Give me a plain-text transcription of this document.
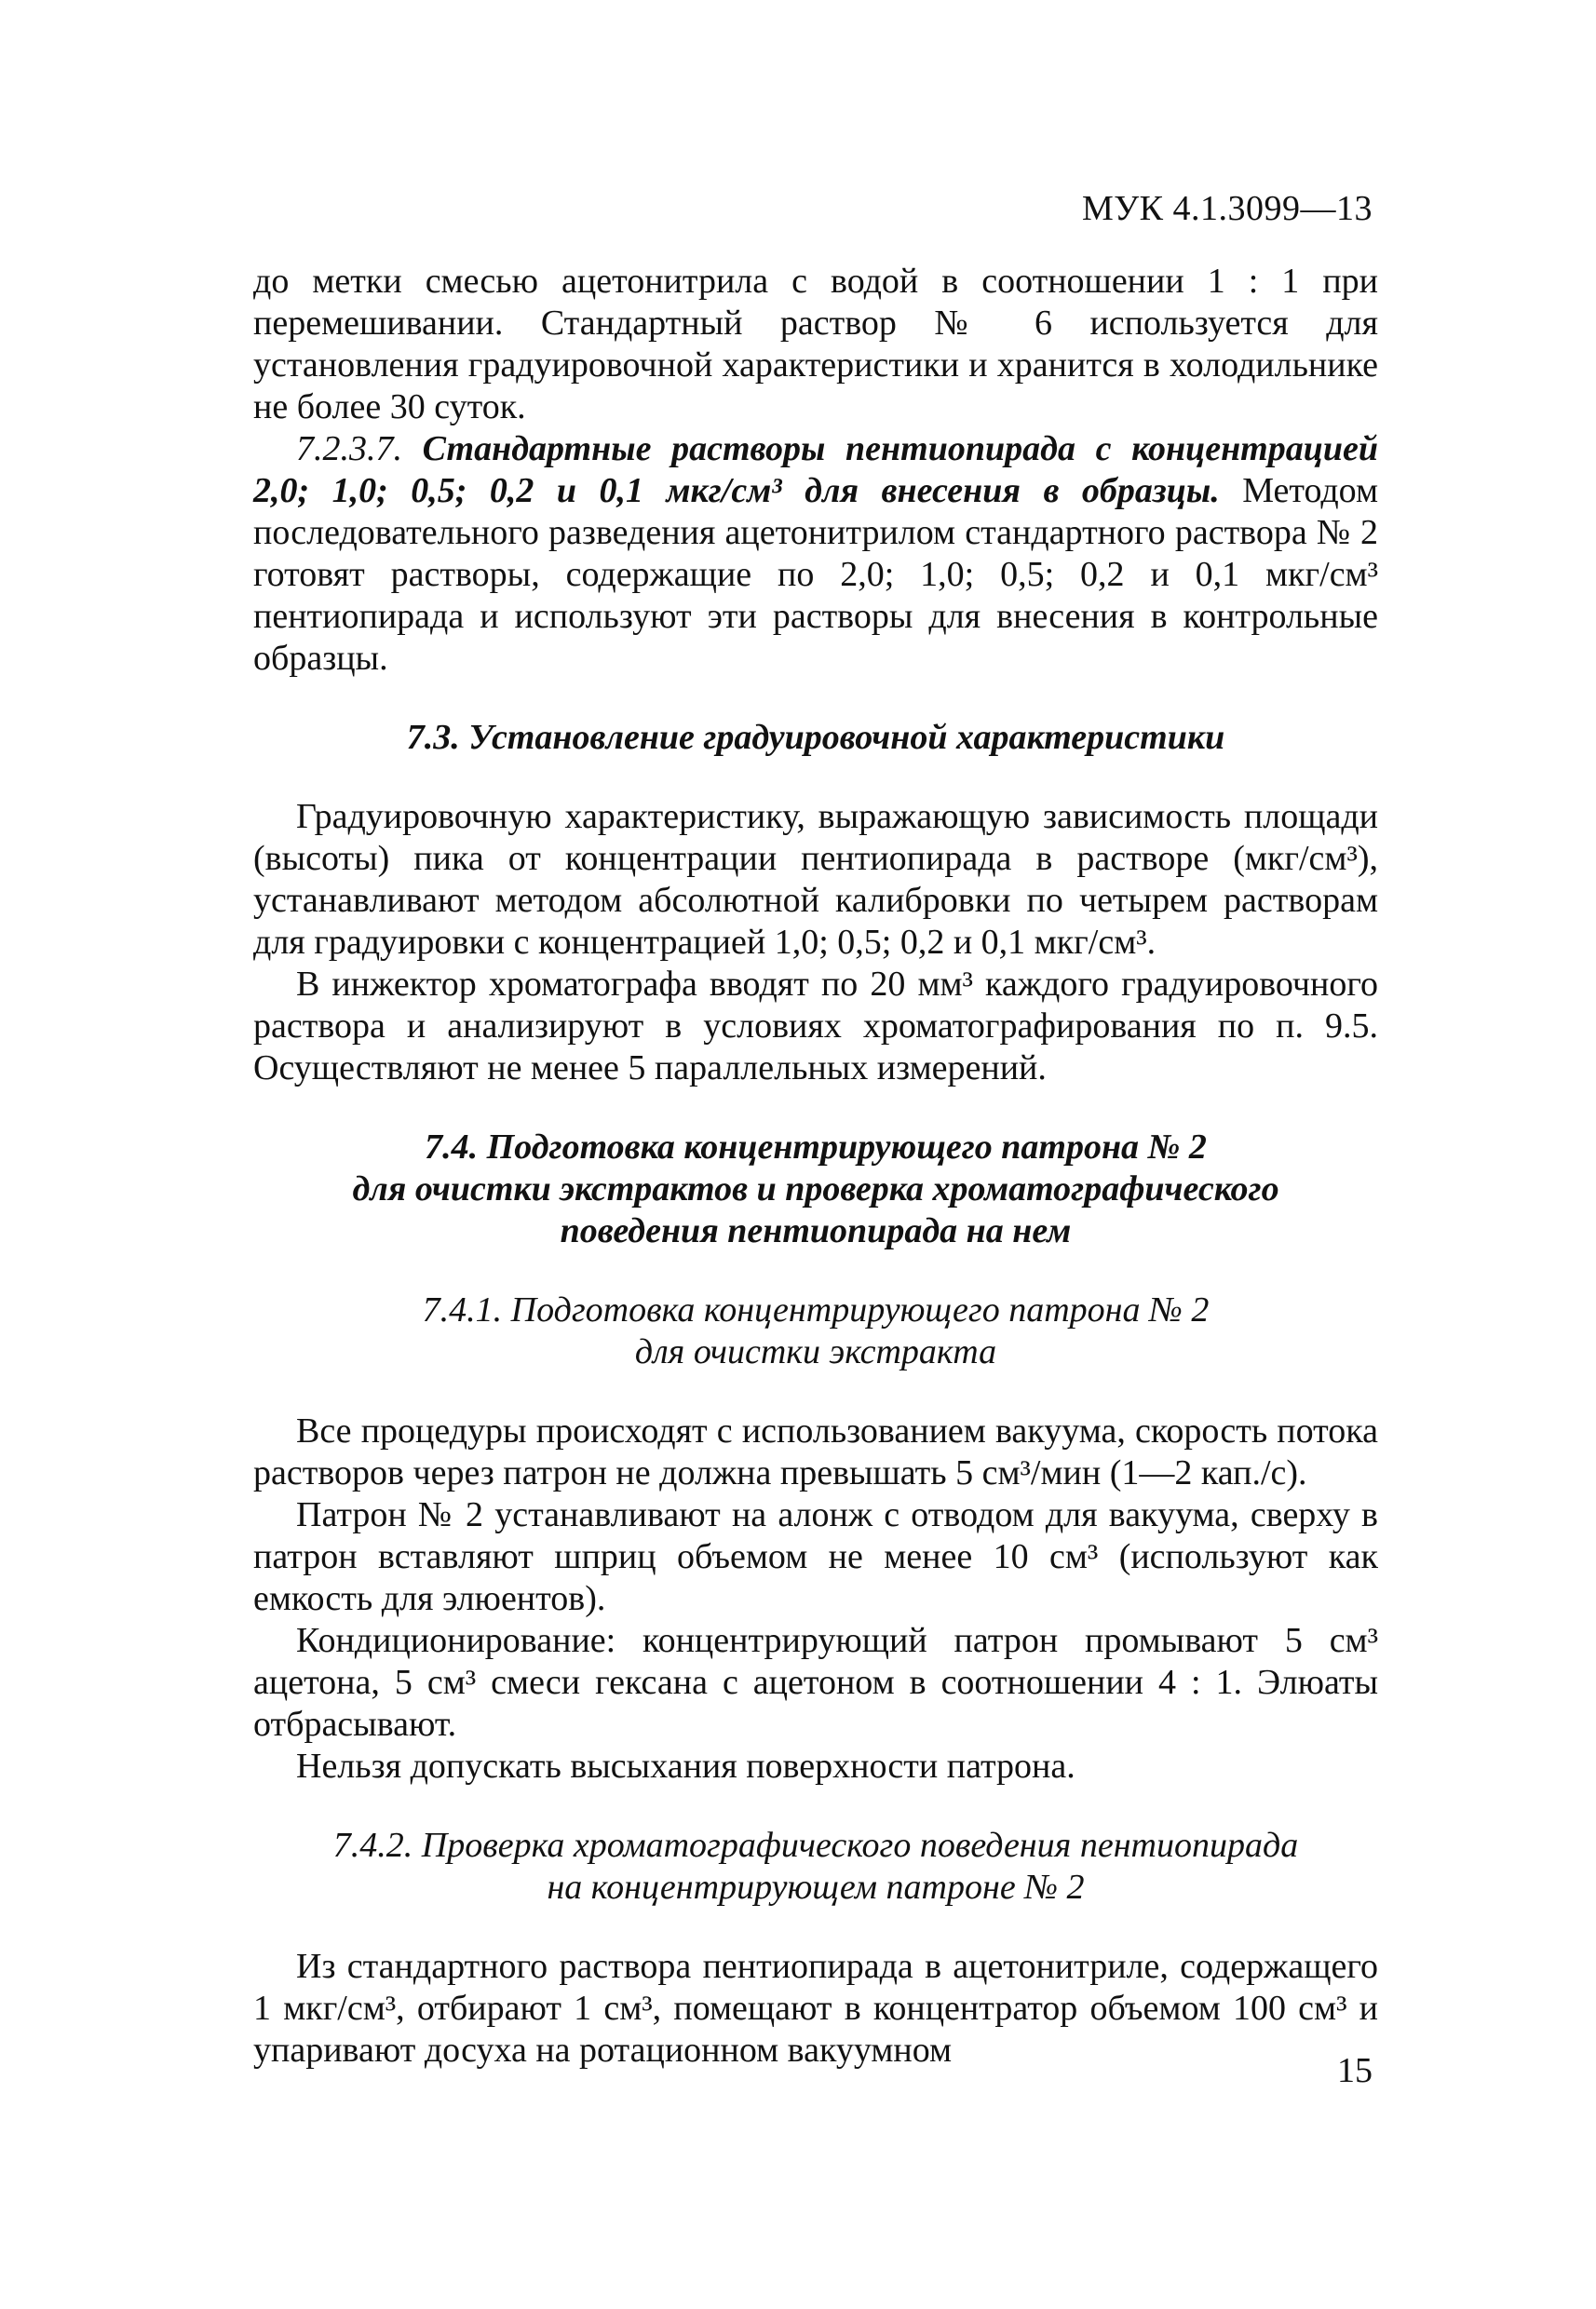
МУК 4.1.3099—13

до метки смесью ацетонитрила с водой в соотношении 1 : 1 при перемешивании. Стандартный раствор № 6 используется для установления градуировочной характеристики и хранится в холодильнике не более 30 суток.

7.2.3.7. Стандартные растворы пентиопирада с концентрацией 2,0; 1,0; 0,5; 0,2 и 0,1 мкг/см³ для внесения в образцы. Методом последовательного разведения ацетонитрилом стандартного раствора № 2 готовят растворы, содержащие по 2,0; 1,0; 0,5; 0,2 и 0,1 мкг/см³ пентиопирада и используют эти растворы для внесения в контрольные образцы.

7.3. Установление градуировочной характеристики

Градуировочную характеристику, выражающую зависимость площади (высоты) пика от концентрации пентиопирада в растворе (мкг/см³), устанавливают методом абсолютной калибровки по четырем растворам для градуировки с концентрацией 1,0; 0,5; 0,2 и 0,1 мкг/см³.

В инжектор хроматографа вводят по 20 мм³ каждого градуировочного раствора и анализируют в условиях хроматографирования по п. 9.5. Осуществляют не менее 5 параллельных измерений.

7.4. Подготовка концентрирующего патрона № 2
для очистки экстрактов и проверка хроматографического
поведения пентиопирада на нем
7.4.1. Подготовка концентрирующего патрона № 2
для очистки экстракта

Все процедуры происходят с использованием вакуума, скорость потока растворов через патрон не должна превышать 5 см³/мин (1—2 кап./с).

Патрон № 2 устанавливают на алонж с отводом для вакуума, сверху в патрон вставляют шприц объемом не менее 10 см³ (используют как емкость для элюентов).

Кондиционирование: концентрирующий патрон промывают 5 см³ ацетона, 5 см³ смеси гексана с ацетоном в соотношении 4 : 1. Элюаты отбрасывают.

Нельзя допускать высыхания поверхности патрона.

7.4.2. Проверка хроматографического поведения пентиопирада
на концентрирующем патроне № 2

Из стандартного раствора пентиопирада в ацетонитриле, содержащего 1 мкг/см³, отбирают 1 см³, помещают в концентратор объемом 100 см³ и упаривают досуха на ротационном вакуумном

15
